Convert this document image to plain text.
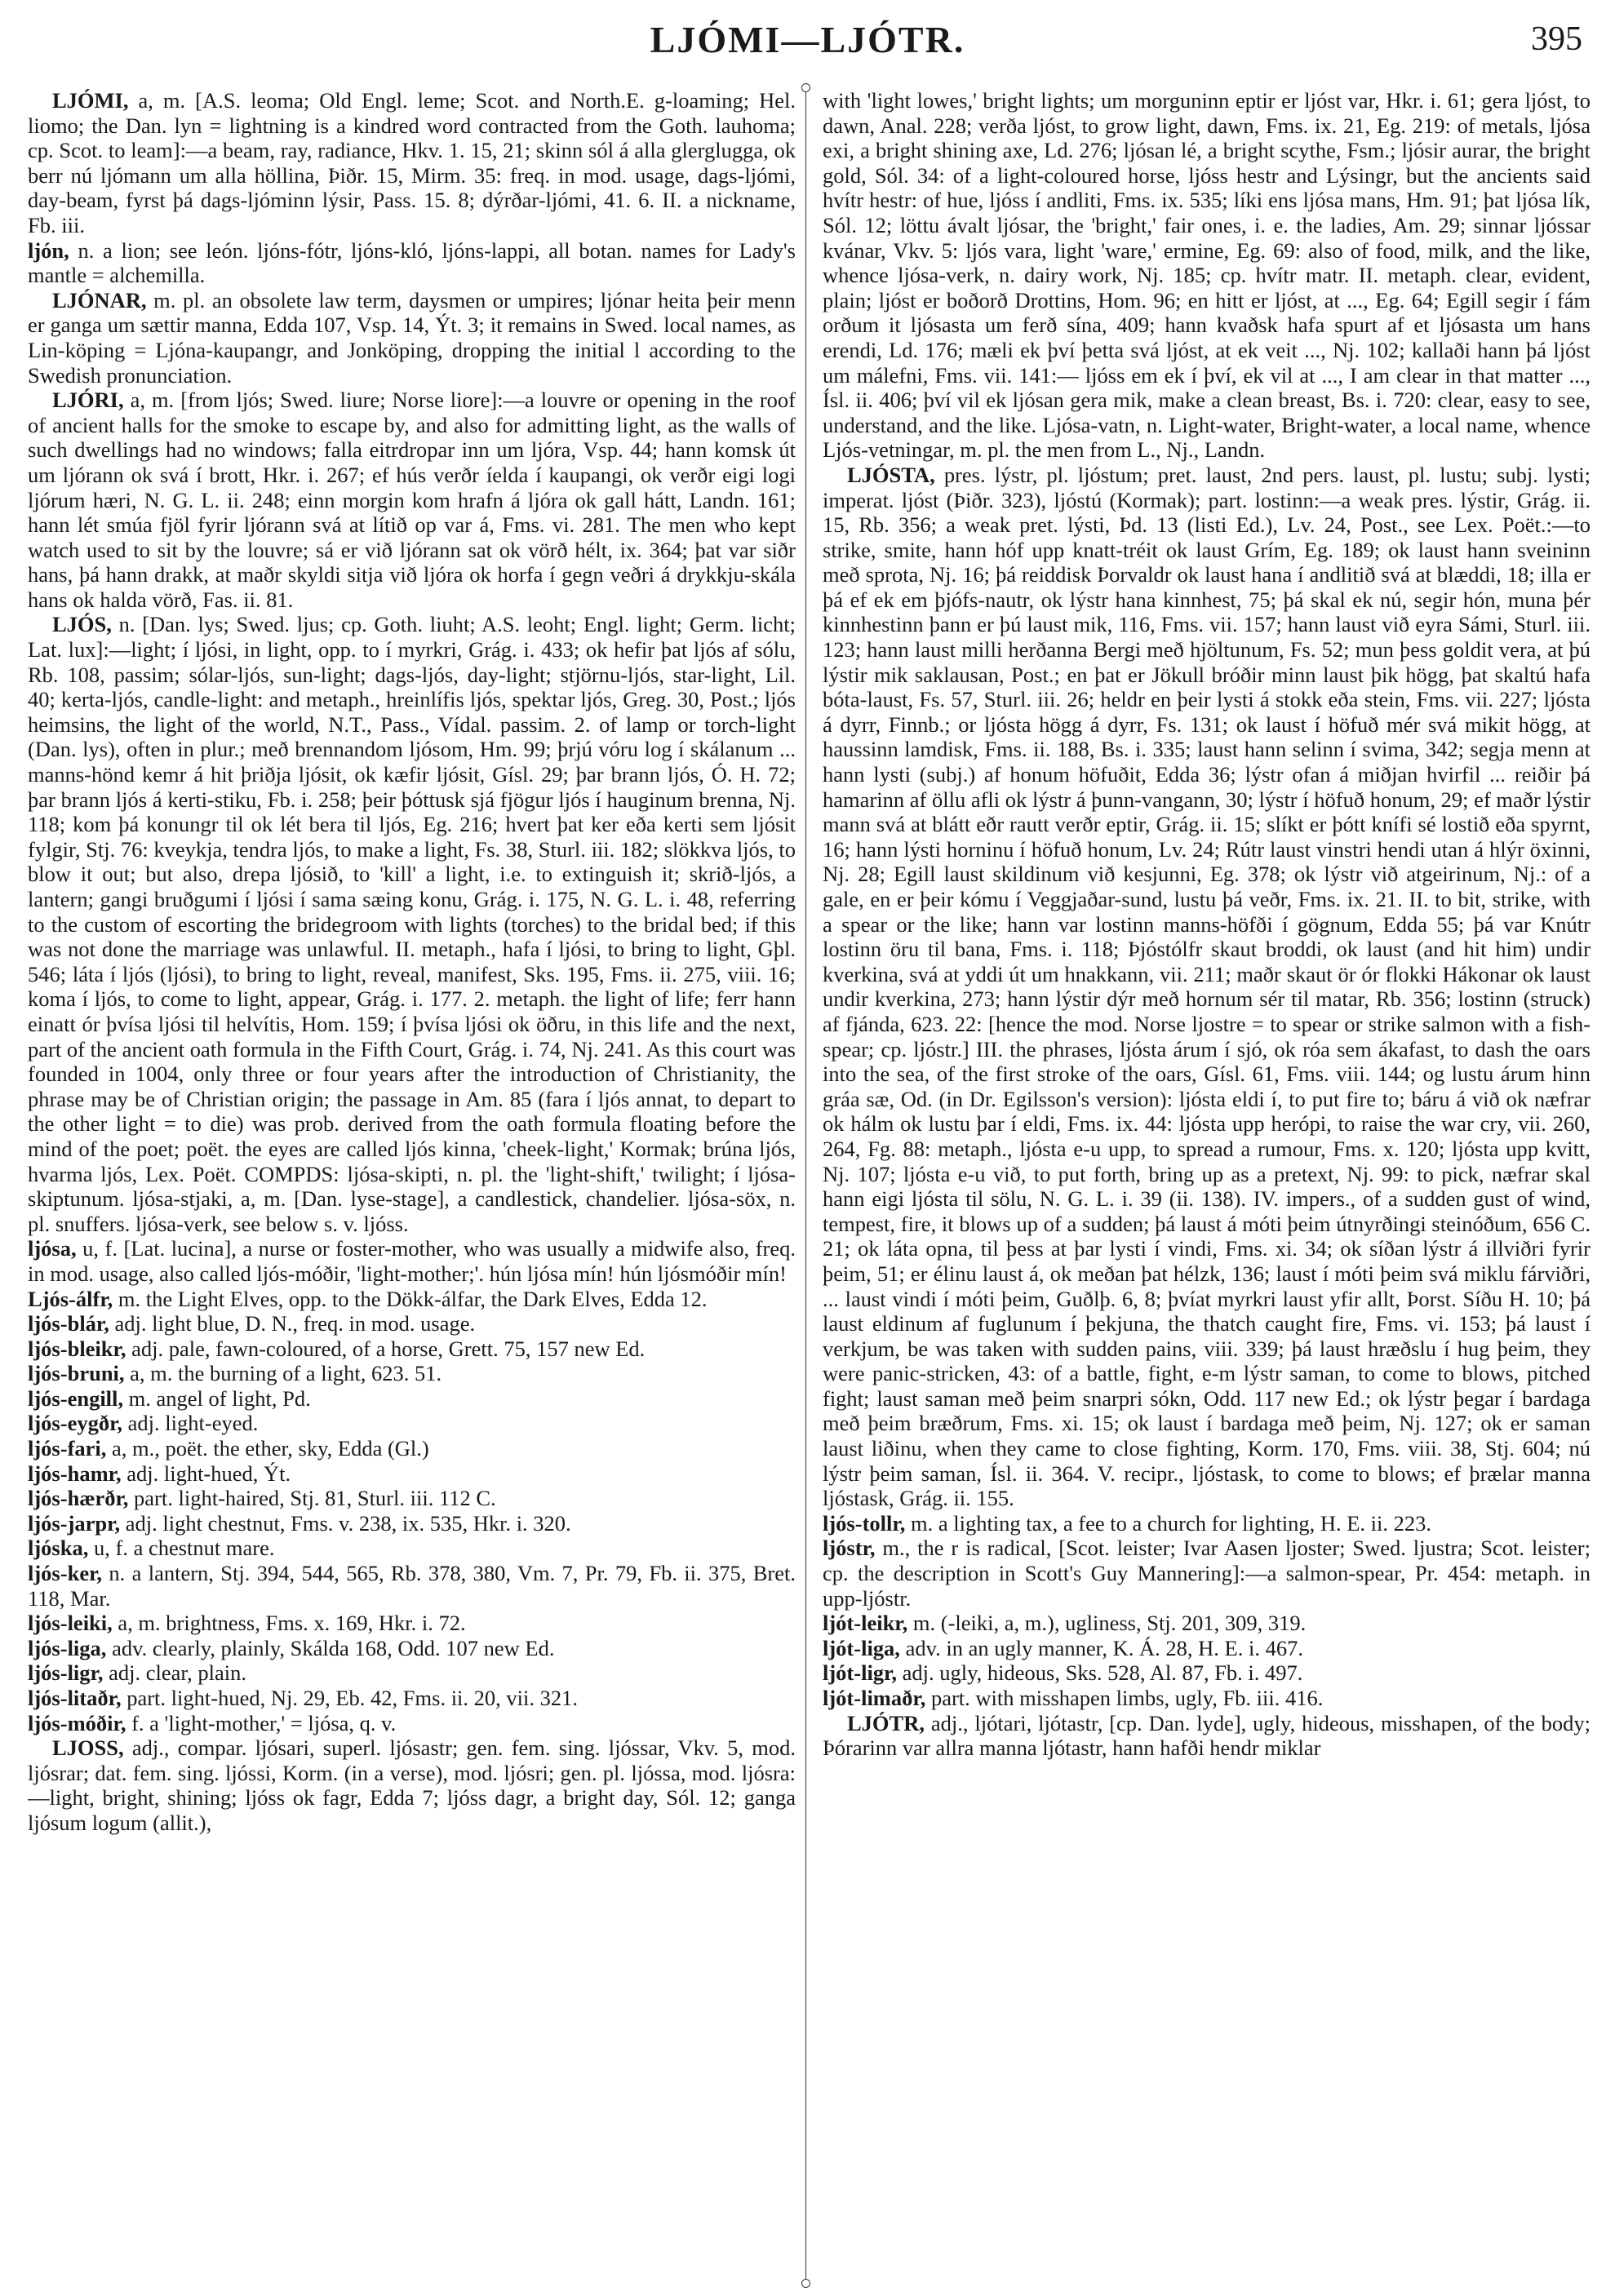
LJÓMI—LJÓTR.	395

LJÓMI, a, m. [A.S. leoma; Old Engl. leme; Scot. and North.E. g-loaming; Hel. liomo; the Dan. lyn = lightning is a kindred word contracted from the Goth. lauhoma; cp. Scot. to leam]:—a beam, ray, radiance, Hkv. 1. 15, 21; skinn sól á alla glerglugga, ok berr nú ljómann um alla höllina, Þiðr. 15, Mirm. 35: freq. in mod. usage, dags-ljómi, day-beam, fyrst þá dags-ljóminn lýsir, Pass. 15. 8; dýrðar-ljómi, 41. 6. II. a nickname, Fb. iii.

ljón, n. a lion; see león. ljóns-fótr, ljóns-kló, ljóns-lappi, all botan. names for Lady's mantle = alchemilla.

LJÓNAR, m. pl. an obsolete law term, daysmen or umpires; ljónar heita þeir menn er ganga um sættir manna, Edda 107, Vsp. 14, Ýt. 3; it remains in Swed. local names, as Lin-köping = Ljóna-kaupangr, and Jonköping, dropping the initial l according to the Swedish pronunciation.

LJÓRI, a, m. [from ljós; Swed. liure; Norse liore]:—a louvre or opening in the roof of ancient halls for the smoke to escape by, and also for admitting light, as the walls of such dwellings had no windows; falla eitrdropar inn um ljóra, Vsp. 44; hann komsk út um ljórann ok svá í brott, Hkr. i. 267; ef hús verðr íelda í kaupangi, ok verðr eigi logi ljórum hæri, N. G. L. ii. 248; einn morgin kom hrafn á ljóra ok gall hátt, Landn. 161; hann lét smúa fjöl fyrir ljórann svá at lítið op var á, Fms. vi. 281. The men who kept watch used to sit by the louvre; sá er við ljórann sat ok vörð hélt, ix. 364; þat var siðr hans, þá hann drakk, at maðr skyldi sitja við ljóra ok horfa í gegn veðri á drykkju-skála hans ok halda vörð, Fas. ii. 81.

LJÓS, n. [Dan. lys; Swed. ljus; cp. Goth. liuht; A.S. leoht; Engl. light; Germ. licht; Lat. lux]:—light; í ljósi, in light, opp. to í myrkri, Grág. i. 433; ok hefir þat ljós af sólu, Rb. 108, passim; sólar-ljós, sun-light; dags-ljós, day-light; stjörnu-ljós, star-light, Lil. 40; kerta-ljós, candle-light: and metaph., hreinlífis ljós, spektar ljós, Greg. 30, Post.; ljós heimsins, the light of the world, N.T., Pass., Vídal. passim. 2. of lamp or torch-light (Dan. lys), often in plur.; með brennandom ljósom, Hm. 99; þrjú vóru log í skálanum ... manns-hönd kemr á hit þriðja ljósit, ok kæfir ljósit, Gísl. 29; þar brann ljós, Ó. H. 72; þar brann ljós á kerti-stiku, Fb. i. 258; þeir þóttusk sjá fjögur ljós í hauginum brenna, Nj. 118; kom þá konungr til ok lét bera til ljós, Eg. 216; hvert þat ker eða kerti sem ljósit fylgir, Stj. 76: kveykja, tendra ljós, to make a light, Fs. 38, Sturl. iii. 182; slökkva ljós, to blow it out; but also, drepa ljósið, to 'kill' a light, i.e. to extinguish it; skrið-ljós, a lantern; gangi bruðgumi í ljósi í sama sæing konu, Grág. i. 175, N. G. L. i. 48, referring to the custom of escorting the bridegroom with lights (torches) to the bridal bed; if this was not done the marriage was unlawful. II. metaph., hafa í ljósi, to bring to light, Gþl. 546; láta í ljós (ljósi), to bring to light, reveal, manifest, Sks. 195, Fms. ii. 275, viii. 16; koma í ljós, to come to light, appear, Grág. i. 177. 2. metaph. the light of life; ferr hann einatt ór þvísa ljósi til helvítis, Hom. 159; í þvísa ljósi ok öðru, in this life and the next, part of the ancient oath formula in the Fifth Court, Grág. i. 74, Nj. 241. As this court was founded in 1004, only three or four years after the introduction of Christianity, the phrase may be of Christian origin; the passage in Am. 85 (fara í ljós annat, to depart to the other light = to die) was prob. derived from the oath formula floating before the mind of the poet; poët. the eyes are called ljós kinna, 'cheek-light,' Kormak; brúna ljós, hvarma ljós, Lex. Poët. COMPDS: ljósa-skipti, n. pl. the 'light-shift,' twilight; í ljósa-skiptunum. ljósa-stjaki, a, m. [Dan. lyse-stage], a candlestick, chandelier. ljósa-söx, n. pl. snuffers. ljósa-verk, see below s. v. ljóss.

ljósa, u, f. [Lat. lucina], a nurse or foster-mother, who was usually a midwife also, freq. in mod. usage, also called ljós-móðir, 'light-mother;'. hún ljósa mín! hún ljósmóðir mín!

Ljós-álfr, m. the Light Elves, opp. to the Dökk-álfar, the Dark Elves, Edda 12.

ljós-blár, adj. light blue, D. N., freq. in mod. usage.

ljós-bleikr, adj. pale, fawn-coloured, of a horse, Grett. 75, 157 new Ed.

ljós-bruni, a, m. the burning of a light, 623. 51.

ljós-engill, m. angel of light, Pd.

ljós-eygðr, adj. light-eyed.

ljós-fari, a, m., poët. the ether, sky, Edda (Gl.)

ljós-hamr, adj. light-hued, Ýt.

ljós-hærðr, part. light-haired, Stj. 81, Sturl. iii. 112 C.

ljós-jarpr, adj. light chestnut, Fms. v. 238, ix. 535, Hkr. i. 320.

ljóska, u, f. a chestnut mare.

ljós-ker, n. a lantern, Stj. 394, 544, 565, Rb. 378, 380, Vm. 7, Pr. 79, Fb. ii. 375, Bret. 118, Mar.

ljós-leiki, a, m. brightness, Fms. x. 169, Hkr. i. 72.

ljós-liga, adv. clearly, plainly, Skálda 168, Odd. 107 new Ed.

ljós-ligr, adj. clear, plain.

ljós-litaðr, part. light-hued, Nj. 29, Eb. 42, Fms. ii. 20, vii. 321.

ljós-móðir, f. a 'light-mother,' = ljósa, q. v.

LJOSS, adj., compar. ljósari, superl. ljósastr; gen. fem. sing. ljóssar, Vkv. 5, mod. ljósrar; dat. fem. sing. ljóssi, Korm. (in a verse), mod. ljósri; gen. pl. ljóssa, mod. ljósra:—light, bright, shining; ljóss ok fagr, Edda 7; ljóss dagr, a bright day, Sól. 12; ganga ljósum logum (allit.),

with 'light lowes,' bright lights; um morguninn eptir er ljóst var, Hkr. i. 61; gera ljóst, to dawn, Anal. 228; verða ljóst, to grow light, dawn, Fms. ix. 21, Eg. 219: of metals, ljósa exi, a bright shining axe, Ld. 276; ljósan lé, a bright scythe, Fsm.; ljósir aurar, the bright gold, Sól. 34: of a light-coloured horse, ljóss hestr and Lýsingr, but the ancients said hvítr hestr: of hue, ljóss í andliti, Fms. ix. 535; líki ens ljósa mans, Hm. 91; þat ljósa lík, Sól. 12; löttu ávalt ljósar, the 'bright,' fair ones, i. e. the ladies, Am. 29; sinnar ljóssar kvánar, Vkv. 5: ljós vara, light 'ware,' ermine, Eg. 69: also of food, milk, and the like, whence ljósa-verk, n. dairy work, Nj. 185; cp. hvítr matr. II. metaph. clear, evident, plain; ljóst er boðorð Drottins, Hom. 96; en hitt er ljóst, at ..., Eg. 64; Egill segir í fám orðum it ljósasta um ferð sína, 409; hann kvaðsk hafa spurt af et ljósasta um hans erendi, Ld. 176; mæli ek því þetta svá ljóst, at ek veit ..., Nj. 102; kallaði hann þá ljóst um málefni, Fms. vii. 141:— ljóss em ek í því, ek vil at ..., I am clear in that matter ..., Ísl. ii. 406; því vil ek ljósan gera mik, make a clean breast, Bs. i. 720: clear, easy to see, understand, and the like. Ljósa-vatn, n. Light-water, Bright-water, a local name, whence Ljós-vetningar, m. pl. the men from L., Nj., Landn.

LJÓSTA, pres. lýstr, pl. ljóstum; pret. laust, 2nd pers. laust, pl. lustu; subj. lysti; imperat. ljóst (Þiðr. 323), ljóstú (Kormak); part. lostinn:—a weak pres. lýstir, Grág. ii. 15, Rb. 356; a weak pret. lýsti, Þd. 13 (listi Ed.), Lv. 24, Post., see Lex. Poët.:—to strike, smite, hann hóf upp knatt-tréit ok laust Grím, Eg. 189; ok laust hann sveininn með sprota, Nj. 16; þá reiddisk Þorvaldr ok laust hana í andlitið svá at blæddi, 18; illa er þá ef ek em þjófs-nautr, ok lýstr hana kinnhest, 75; þá skal ek nú, segir hón, muna þér kinnhestinn þann er þú laust mik, 116, Fms. vii. 157; hann laust við eyra Sámi, Sturl. iii. 123; hann laust milli herðanna Bergi með hjöltunum, Fs. 52; mun þess goldit vera, at þú lýstir mik saklausan, Post.; en þat er Jökull bróðir minn laust þik högg, þat skaltú hafa bóta-laust, Fs. 57, Sturl. iii. 26; heldr en þeir lysti á stokk eða stein, Fms. vii. 227; ljósta á dyrr, Finnb.; or ljósta högg á dyrr, Fs. 131; ok laust í höfuð mér svá mikit högg, at haussinn lamdisk, Fms. ii. 188, Bs. i. 335; laust hann selinn í svima, 342; segja menn at hann lysti (subj.) af honum höfuðit, Edda 36; lýstr ofan á miðjan hvirfil ... reiðir þá hamarinn af öllu afli ok lýstr á þunn-vangann, 30; lýstr í höfuð honum, 29; ef maðr lýstir mann svá at blátt eðr rautt verðr eptir, Grág. ii. 15; slíkt er þótt knífi sé lostið eða spyrnt, 16; hann lýsti horninu í höfuð honum, Lv. 24; Rútr laust vinstri hendi utan á hlýr öxinni, Nj. 28; Egill laust skildinum við kesjunni, Eg. 378; ok lýstr við atgeirinum, Nj.: of a gale, en er þeir kómu í Veggjaðar-sund, lustu þá veðr, Fms. ix. 21. II. to bit, strike, with a spear or the like; hann var lostinn manns-höfði í gögnum, Edda 55; þá var Knútr lostinn öru til bana, Fms. i. 118; Þjóstólfr skaut broddi, ok laust (and hit him) undir kverkina, svá at yddi út um hnakkann, vii. 211; maðr skaut ör ór flokki Hákonar ok laust undir kverkina, 273; hann lýstir dýr með hornum sér til matar, Rb. 356; lostinn (struck) af fjánda, 623. 22: [hence the mod. Norse ljostre = to spear or strike salmon with a fish-spear; cp. ljóstr.] III. the phrases, ljósta árum í sjó, ok róa sem ákafast, to dash the oars into the sea, of the first stroke of the oars, Gísl. 61, Fms. viii. 144; og lustu árum hinn gráa sæ, Od. (in Dr. Egilsson's version): ljósta eldi í, to put fire to; báru á við ok næfrar ok hálm ok lustu þar í eldi, Fms. ix. 44: ljósta upp herópi, to raise the war cry, vii. 260, 264, Fg. 88: metaph., ljósta e-u upp, to spread a rumour, Fms. x. 120; ljósta upp kvitt, Nj. 107; ljósta e-u við, to put forth, bring up as a pretext, Nj. 99: to pick, næfrar skal hann eigi ljósta til sölu, N. G. L. i. 39 (ii. 138). IV. impers., of a sudden gust of wind, tempest, fire, it blows up of a sudden; þá laust á móti þeim útnyrðingi steinóðum, 656 C. 21; ok láta opna, til þess at þar lysti í vindi, Fms. xi. 34; ok síðan lýstr á illviðri fyrir þeim, 51; er élinu laust á, ok meðan þat hélzk, 136; laust í móti þeim svá miklu fárviðri, ... laust vindi í móti þeim, Guðlþ. 6, 8; þvíat myrkri laust yfir allt, Þorst. Síðu H. 10; þá laust eldinum af fuglunum í þekjuna, the thatch caught fire, Fms. vi. 153; þá laust í verkjum, be was taken with sudden pains, viii. 339; þá laust hræðslu í hug þeim, they were panic-stricken, 43: of a battle, fight, e-m lýstr saman, to come to blows, pitched fight; laust saman með þeim snarpri sókn, Odd. 117 new Ed.; ok lýstr þegar í bardaga með þeim bræðrum, Fms. xi. 15; ok laust í bardaga með þeim, Nj. 127; ok er saman laust liðinu, when they came to close fighting, Korm. 170, Fms. viii. 38, Stj. 604; nú lýstr þeim saman, Ísl. ii. 364. V. recipr., ljóstask, to come to blows; ef þrælar manna ljóstask, Grág. ii. 155.

ljós-tollr, m. a lighting tax, a fee to a church for lighting, H. E. ii. 223.

ljóstr, m., the r is radical, [Scot. leister; Ivar Aasen ljoster; Swed. ljustra; Scot. leister; cp. the description in Scott's Guy Mannering]:—a salmon-spear, Pr. 454: metaph. in upp-ljóstr.

ljót-leikr, m. (-leiki, a, m.), ugliness, Stj. 201, 309, 319.

ljót-liga, adv. in an ugly manner, K. Á. 28, H. E. i. 467.

ljót-ligr, adj. ugly, hideous, Sks. 528, Al. 87, Fb. i. 497.

ljót-limaðr, part. with misshapen limbs, ugly, Fb. iii. 416.

LJÓTR, adj., ljótari, ljótastr, [cp. Dan. lyde], ugly, hideous, misshapen, of the body; Þórarinn var allra manna ljótastr, hann hafði hendr miklar
